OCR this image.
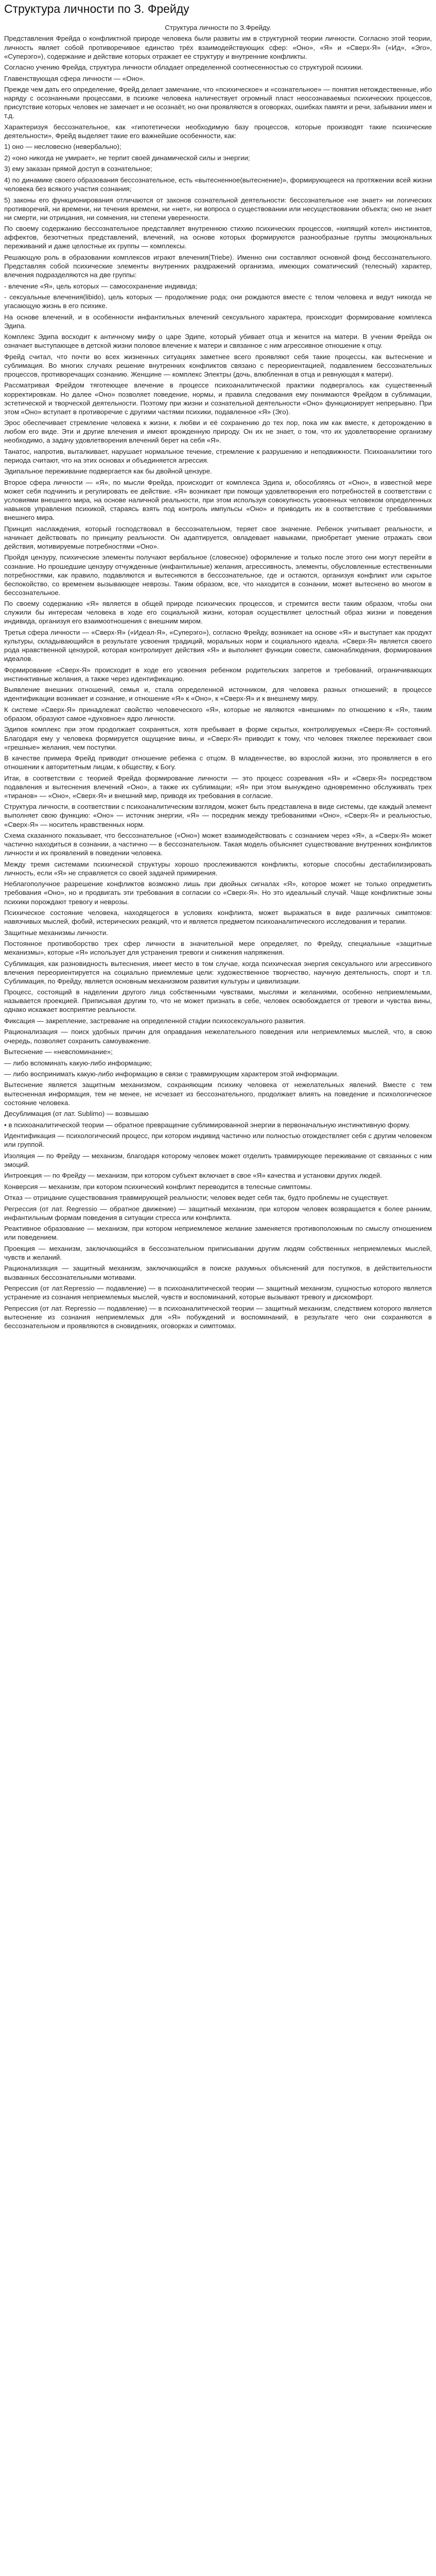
Структура личности по З. Фрейду

Структура личности по З.Фрейду.

Представления Фрейда о конфликтной природе человека были развиты им в структурной теории личности. Согласно этой теории, личность являет собой противоречивое единство трёх взаимодействующих сфер: «Оно», «Я» и «Сверх-Я» («Ид», «Эго», «Суперэго»), содержание и действие которых отражает ее структуру и внутренние конфликты.

Согласно учению Фрейда, структура личности обладает определенной соотнесенностью со структурой психики.

Главенствующая сфера личности — «Оно».

Прежде чем дать его определение, Фрейд делает замечание, что «психическое» и «сознательное» — понятия нетождественные, ибо наряду с осознанными процессами, в психике человека наличествует огромный пласт неосознаваемых психических процессов, присутствие которых человек не замечает и не осознаёт, но они проявляются в оговорках, ошибках памяти и речи, забывании имен и т.д.

Характеризуя бессознательное, как «гипотетически необходимую базу процессов, которые производят такие психические деятельности», Фрейд выделяет такие его важнейшие особенности, как:

1) оно — несловесно (невербально);

2) «оно никогда не умирает», не терпит своей динамической силы и энергии;

3) ему заказан прямой доступ в сознательное;

4) по динамике своего образования бессознательное, есть «вытесненное(вытеснение)», формирующееся на протяжении всей жизни человека без всякого участия сознания;

5) законы его функционирования отличаются от законов сознательной деятельности: бессознательное «не знает» ни логических противоречий, ни времени, ни течения времени, ни «нет», ни вопроса о существовании или несуществовании объекта; оно не знает ни смерти, ни отрицания, ни сомнения, ни степени уверенности.

По своему содержанию бессознательное представляет внутреннюю стихию психических процессов, «кипящий котел» инстинктов, аффектов, безотчетных представлений, влечений, на основе которых формируются разнообразные группы эмоциональных переживаний и даже целостные их группы — комплексы.

Решающую роль в образовании комплексов играют влечения(Triebe). Именно они составляют основной фонд бессознательного. Представляя собой психические элементы внутренних раздражений организма, имеющих соматический (телесный) характер, влечения подразделяются на две группы:

- влечение «Я», цель которых — самосохранение индивида;

- сексуальные влечения(libido), цель которых — продолжение рода; они рождаются вместе с телом человека и ведут никогда не угасающую жизнь в его психике.

На основе влечений, и в особенности инфантильных влечений сексуального характера, происходит формирование комплекса Эдипа.

Комплекс Эдипа восходит к античному мифу о царе Эдипе, который убивает отца и женится на матери. В учении Фрейда он означает выступающее в детской жизни половое влечение к матери и связанное с ним агрессивное отношение к отцу.

Фрейд считал, что почти во всех жизненных ситуациях заметнее всего проявляют себя такие процессы, как вытеснение и сублимация. Во многих случаях решение внутренних конфликтов связано с переориентацией, подавлением бессознательных процессов, противоречащих сознанию. Женщине — комплекс Электры (дочь, влюбленная в отца и ревнующая к матери).

Рассматривая Фрейдом тяготеющее влечение в процессе психоаналитической практики подвергалось как существенный корректировкам. Но далее «Оно» позволяет поведение, нормы, и правила следования ему понимаются Фрейдом в сублимации, эстетической и творческой деятельности. Поэтому при жизни и сознательной деятельности «Оно» функционирует непрерывно. При этом «Оно» вступает в противоречие с другими частями психики, подавленное «Я» (Эго).

Эрос обеспечивает стремление человека к жизни, к любви и её сохранению до тех пор, пока им как вместе, к деторождению в любом его виде. Эти и другие влечения и имеют врожденную природу. Он их не знает, о том, что их удовлетворение организму необходимо, а задачу удовлетворения влечений берет на себя «Я».

Танатос, напротив, выталкивает, нарушает нормальное течение, стремление к разрушению и неподвижности. Психоаналитики того периода считают, что на этих основах и объединяется агрессия.

Эдипальное переживание подвергается как бы двойной цензуре.

Второе сфера личности — «Я», по мысли Фрейда, происходит от комплекса Эдипа и, обособляясь от «Оно», в известной мере может себя подчинить и регулировать ее действие. «Я» возникает при помощи удовлетворения его потребностей в соответствии с условиями внешнего мира, на основе наличной реальности, при этом используя совокупность усвоенных человеком определенных навыков управления психикой, стараясь взять под контроль импульсы «Оно» и приводить их в соответствие с требованиями внешнего мира.

Принцип наслаждения, который господствовал в бессознательном, теряет свое значение. Ребенок учитывает реальности, и начинает действовать по принципу реальности. Он адаптируется, овладевает навыками, приобретает умение отражать свои действия, мотивируемые потребностями «Оно».

Пройдя цензуру, психические элементы получают вербальное (словесное) оформление и только после этого они могут перейти в сознание. Но прошедшие цензуру отчужденные (инфантильные) желания, агрессивность, элементы, обусловленные естественными потребностями, как правило, подавляются и вытесняются в бессознательное, где и остаются, организуя конфликт или скрытое беспокойство, со временем вызывающее неврозы. Таким образом, все, что находится в сознании, может вытеснено во многом в бессознательное.

По своему содержанию «Я» является в общей природе психических процессов, и стремится вести таким образом, чтобы они служили бы интересам человека в ходе его социальной жизни, которая осуществляет целостный образ жизни и поведения индивида, организуя его взаимоотношения с внешним миром.

Третья сфера личности — «Сверх-Я» («Идеал-Я», «Суперэго»), согласно Фрейду, возникает на основе «Я» и выступает как продукт культуры, складывающийся в результате усвоения традиций, моральных норм и социального идеала. «Сверх-Я» является своего рода нравственной цензурой, которая контролирует действия «Я» и выполняет функции совести, самонаблюдения, формирования идеалов.

Формирование «Сверх-Я» происходит в ходе его усвоения ребенком родительских запретов и требований, ограничивающих инстинктивные желания, а также через идентификацию.

Выявление внешних отношений, семья и, стала определенной источником, для человека разных отношений; в процессе идентификации возникает и сознание, и отношение «Я» к «Оно», к «Сверх-Я» и к внешнему миру.

К системе «Сверх-Я» принадлежат свойство человеческого «Я», которые не являются «внешним» по отношению к «Я», таким образом, образуют самое «духовное» ядро личности.

Эдипов комплекс при этом продолжает сохраняться, хотя пребывает в форме скрытых, контролируемых «Сверх-Я» состояний. Благодаря ему у человека формируется ощущение вины, и «Сверх-Я» приводит к тому, что человек тяжелее переживает свои «грешные» желания, чем поступки.

В качестве примера Фрейд приводит отношение ребенка с отцом. В младенчестве, во взрослой жизни, это проявляется в его отношении к авторитетным лицам, к обществу, к Богу.

Итак, в соответствии с теорией Фрейда формирование личности — это процесс созревания «Я» и «Сверх-Я» посредством подавления и вытеснения влечений «Оно», а также их сублимации; «Я» при этом вынуждено одновременно обслуживать трех «тиранов» — «Оно», «Сверх-Я» и внешний мир, приводя их требования в согласие.

Структура личности, в соответствии с психоаналитическим взглядом, может быть представлена в виде системы, где каждый элемент выполняет свою функцию: «Оно» — источник энергии, «Я» — посредник между требованиями «Оно», «Сверх-Я» и реальностью, «Сверх-Я» — носитель нравственных норм.

Схема сказанного показывает, что бессознательное («Оно») может взаимодействовать с сознанием через «Я», а «Сверх-Я» может частично находиться в сознании, а частично — в бессознательном. Такая модель объясняет существование внутренних конфликтов личности и их проявлений в поведении человека.

Между тремя системами психической структуры хорошо прослеживаются конфликты, которые способны дестабилизировать личность, если «Я» не справляется со своей задачей примирения.

Неблагополучное разрешение конфликтов возможно лишь при двойных сигналах «Я», которое может не только опредметить требования «Оно», но и продвигать эти требования в согласии со «Сверх-Я». Но это идеальный случай. Чаще конфликтные зоны психики порождают тревогу и неврозы.

Психическое состояние человека, находящегося в условиях конфликта, может выражаться в виде различных симптомов: навязчивых мыслей, фобий, истерических реакций, что и является предметом психоаналитического исследования и терапии.

Защитные механизмы личности.

Постоянное противоборство трех сфер личности в значительной мере определяет, по Фрейду, специальные «защитные механизмы», которые «Я» использует для устранения тревоги и снижения напряжения.

Сублимация, как разновидность вытеснения, имеет место в том случае, когда психическая энергия сексуального или агрессивного влечения переориентируется на социально приемлемые цели: художественное творчество, научную деятельность, спорт и т.п. Сублимация, по Фрейду, является основным механизмом развития культуры и цивилизации.

Процесс, состоящий в наделении другого лица собственными чувствами, мыслями и желаниями, особенно неприемлемыми, называется проекцией. Приписывая другим то, что не может признать в себе, человек освобождается от тревоги и чувства вины, однако искажает восприятие реальности.

Фиксация — закрепление, застревание на определенной стадии психосексуального развития.

Рационализация — поиск удобных причин для оправдания нежелательного поведения или неприемлемых мыслей, что, в свою очередь, позволяет сохранить самоуважение.

Вытеснение — «невспоминание»;

— либо вспоминать какую-либо информацию;

— либо воспринимать какую-либо информацию в связи с травмирующим характером этой информации.

Вытеснение является защитным механизмом, сохраняющим психику человека от нежелательных явлений. Вместе с тем вытесненная информация, тем не менее, не исчезает из бессознательного, продолжает влиять на поведение и психологическое состояние человека.

Десублимация (от лат. Sublimo) — возвышаю

• в психоаналитической теории — обратное превращение сублимированной энергии в первоначальную инстинктивную форму.

Идентификация — психологический процесс, при котором индивид частично или полностью отождествляет себя с другим человеком или группой.

Изоляция — по Фрейду — механизм, благодаря которому человек может отделить травмирующее переживание от связанных с ним эмоций.

Интроекция — по Фрейду — механизм, при котором субъект включает в свое «Я» качества и установки других людей.

Конверсия — механизм, при котором психический конфликт переводится в телесные симптомы.

Отказ — отрицание существования травмирующей реальности; человек ведет себя так, будто проблемы не существует.

Регрессия (от лат. Regressio — обратное движение) — защитный механизм, при котором человек возвращается к более ранним, инфантильным формам поведения в ситуации стресса или конфликта.

Реактивное образование — механизм, при котором неприемлемое желание заменяется противоположным по смыслу отношением или поведением.

Проекция — механизм, заключающийся в бессознательном приписывании другим людям собственных неприемлемых мыслей, чувств и желаний.

Рационализация — защитный механизм, заключающийся в поиске разумных объяснений для поступков, в действительности вызванных бессознательными мотивами.

Репрессия (от лат.Repressio — подавление) — в психоаналитической теории — защитный механизм, сущностью которого является устранение из сознания неприемлемых мыслей, чувств и воспоминаний, которые вызывают тревогу и дискомфорт.

Репрессия (от лат. Repressio — подавление) — в психоаналитической теории — защитный механизм, следствием которого является вытеснение из сознания неприемлемых для «Я» побуждений и воспоминаний, в результате чего они сохраняются в бессознательном и проявляются в сновидениях, оговорках и симптомах.
